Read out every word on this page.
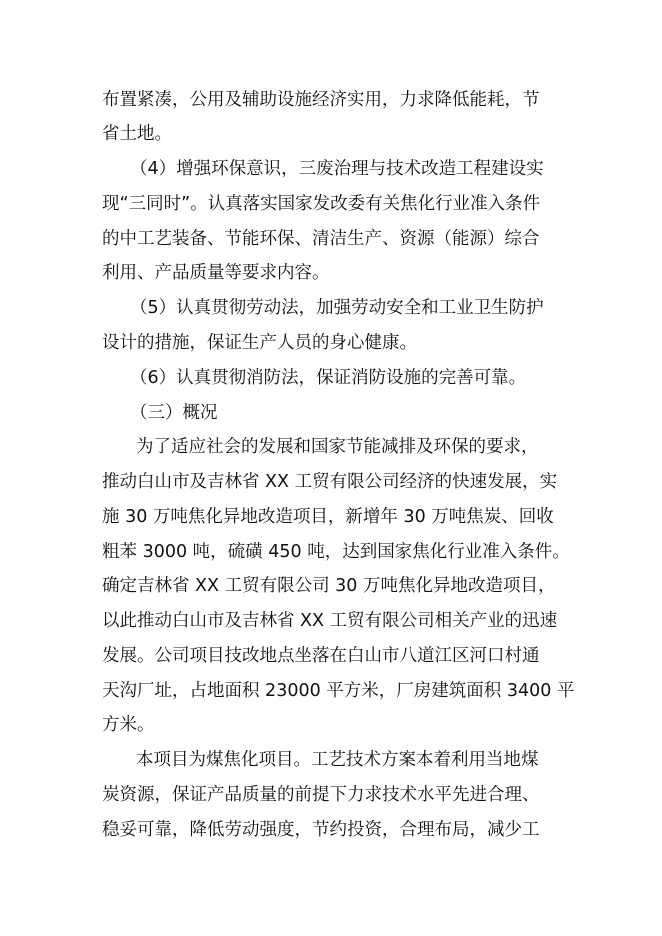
布置紧凑，公用及辅助设施经济实用，力求降低能耗，节
省土地。
（4）增强环保意识，三废治理与技术改造工程建设实
现“三同时”。认真落实国家发改委有关焦化行业准入条件
的中工艺装备、节能环保、清洁生产、资源（能源）综合
利用、产品质量等要求内容。
（5）认真贯彻劳动法，加强劳动安全和工业卫生防护
设计的措施，保证生产人员的身心健康。
（6）认真贯彻消防法，保证消防设施的完善可靠。
（三）概况
为了适应社会的发展和国家节能减排及环保的要求，
推动白山市及吉林省 XX 工贸有限公司经济的快速发展，实
施 30 万吨焦化异地改造项目，新增年 30 万吨焦炭、回收
粗苯 3000 吨，硫磺 450 吨，达到国家焦化行业准入条件。
确定吉林省 XX 工贸有限公司 30 万吨焦化异地改造项目，
以此推动白山市及吉林省 XX 工贸有限公司相关产业的迅速
发展。公司项目技改地点坐落在白山市八道江区河口村通
天沟厂址，占地面积 23000 平方米，厂房建筑面积 3400 平
方米。
本项目为煤焦化项目。工艺技术方案本着利用当地煤
炭资源，保证产品质量的前提下力求技术水平先进合理、
稳妥可靠，降低劳动强度，节约投资，合理布局，减少工
